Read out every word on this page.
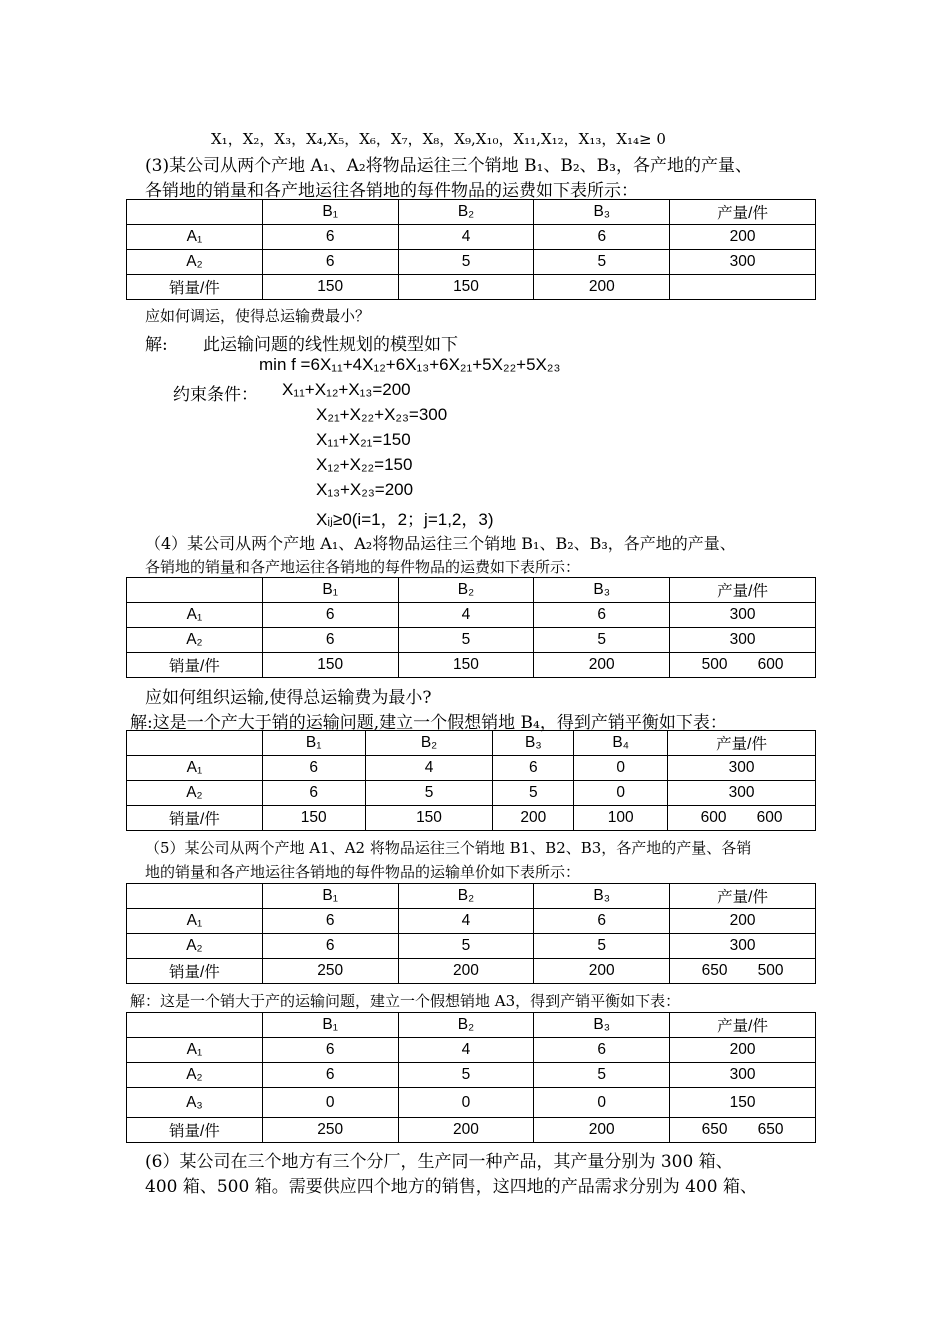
X₁，X₂，X₃，X₄,X₅，X₆，X₇，X₈，X₉,X₁₀，X₁₁,X₁₂，X₁₃，X₁₄≥ 0
(3)某公司从两个产地 A₁、A₂将物品运往三个销地 B₁、B₂、B₃，各产地的产量、
各销地的销量和各产地运往各销地的每件物品的运费如下表所示：
	B₁	B₂	B₃	产量/件
A₁	6	4	6	200
A₂	6	5	5	300
销量/件	150	150	200	
应如何调运，使得总运输费最小？
解: 此运输问题的线性规划的模型如下
min f =6X₁₁+4X₁₂+6X₁₃+6X₂₁+5X₂₂+5X₂₃
约束条件： X₁₁+X₁₂+X₁₃=200
X₂₁+X₂₂+X₂₃=300
X₁₁+X₂₁=150
X₁₂+X₂₂=150
X₁₃+X₂₃=200
Xᵢⱼ≥0(i=1，2；j=1,2，3)
（4）某公司从两个产地 A₁、A₂将物品运往三个销地 B₁、B₂、B₃，各产地的产量、
各销地的销量和各产地运往各销地的每件物品的运费如下表所示：
	B₁	B₂	B₃	产量/件
A₁	6	4	6	300
A₂	6	5	5	300
销量/件	150	150	200	500       600
应如何组织运输,使得总运输费为最小?
解:这是一个产大于销的运输问题,建立一个假想销地 B₄，得到产销平衡如下表：
	B₁	B₂	B₃	B₄	产量/件
A₁	6	4	6	0	300
A₂	6	5	5	0	300
销量/件	150	150	200	100	600       600
（5）某公司从两个产地 A1、A2 将物品运往三个销地 B1、B2、B3，各产地的产量、各销
地的销量和各产地运往各销地的每件物品的运输单价如下表所示：
	B₁	B₂	B₃	产量/件
A₁	6	4	6	200
A₂	6	5	5	300
销量/件	250	200	200	650       500
解：这是一个销大于产的运输问题，建立一个假想销地 A3，得到产销平衡如下表：
	B₁	B₂	B₃	产量/件
A₁	6	4	6	200
A₂	6	5	5	300
A₃	0	0	0	150
销量/件	250	200	200	650       650
(6）某公司在三个地方有三个分厂，生产同一种产品，其产量分别为 300 箱、
400 箱、500 箱。需要供应四个地方的销售，这四地的产品需求分别为 400 箱、
